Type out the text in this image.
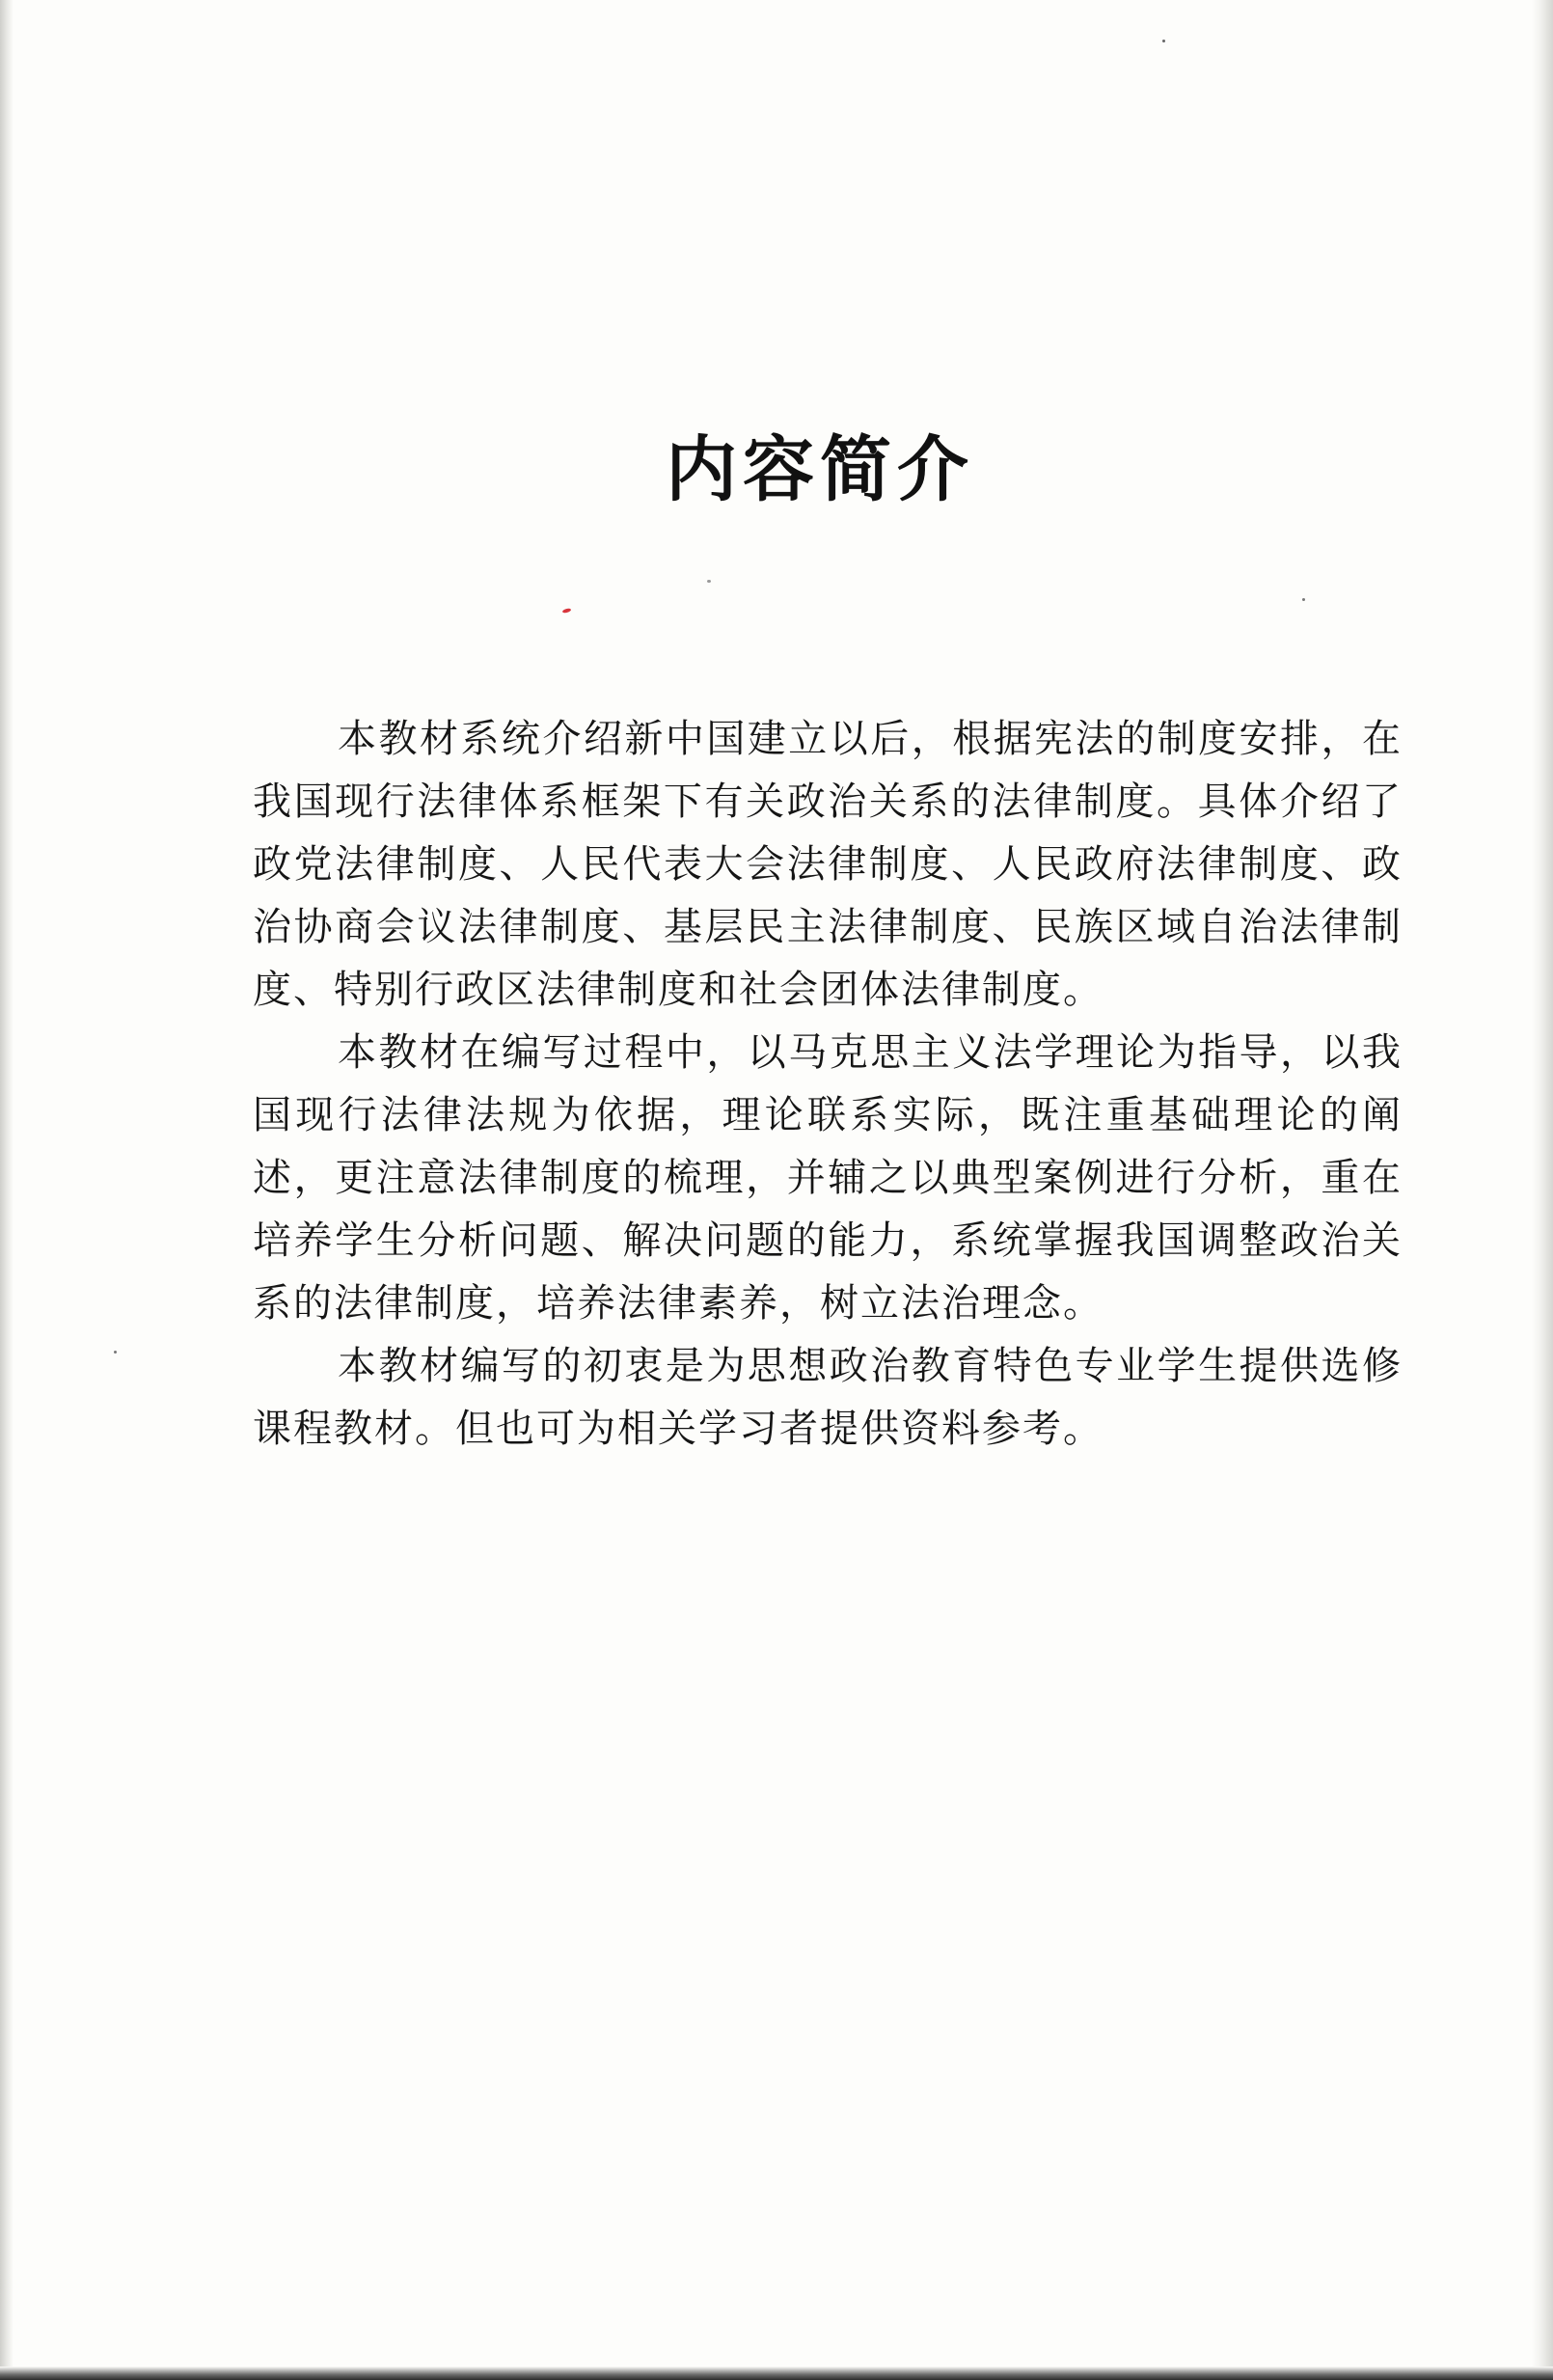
内容简介

本教材系统介绍新中国建立以后，根据宪法的制度安排，在我国现行法律体系框架下有关政治关系的法律制度。具体介绍了政党法律制度、人民代表大会法律制度、人民政府法律制度、政治协商会议法律制度、基层民主法律制度、民族区域自治法律制度、特别行政区法律制度和社会团体法律制度。

本教材在编写过程中，以马克思主义法学理论为指导，以我国现行法律法规为依据，理论联系实际，既注重基础理论的阐述，更注意法律制度的梳理，并辅之以典型案例进行分析，重在培养学生分析问题、解决问题的能力，系统掌握我国调整政治关系的法律制度，培养法律素养，树立法治理念。

本教材编写的初衷是为思想政治教育特色专业学生提供选修课程教材。但也可为相关学习者提供资料参考。
